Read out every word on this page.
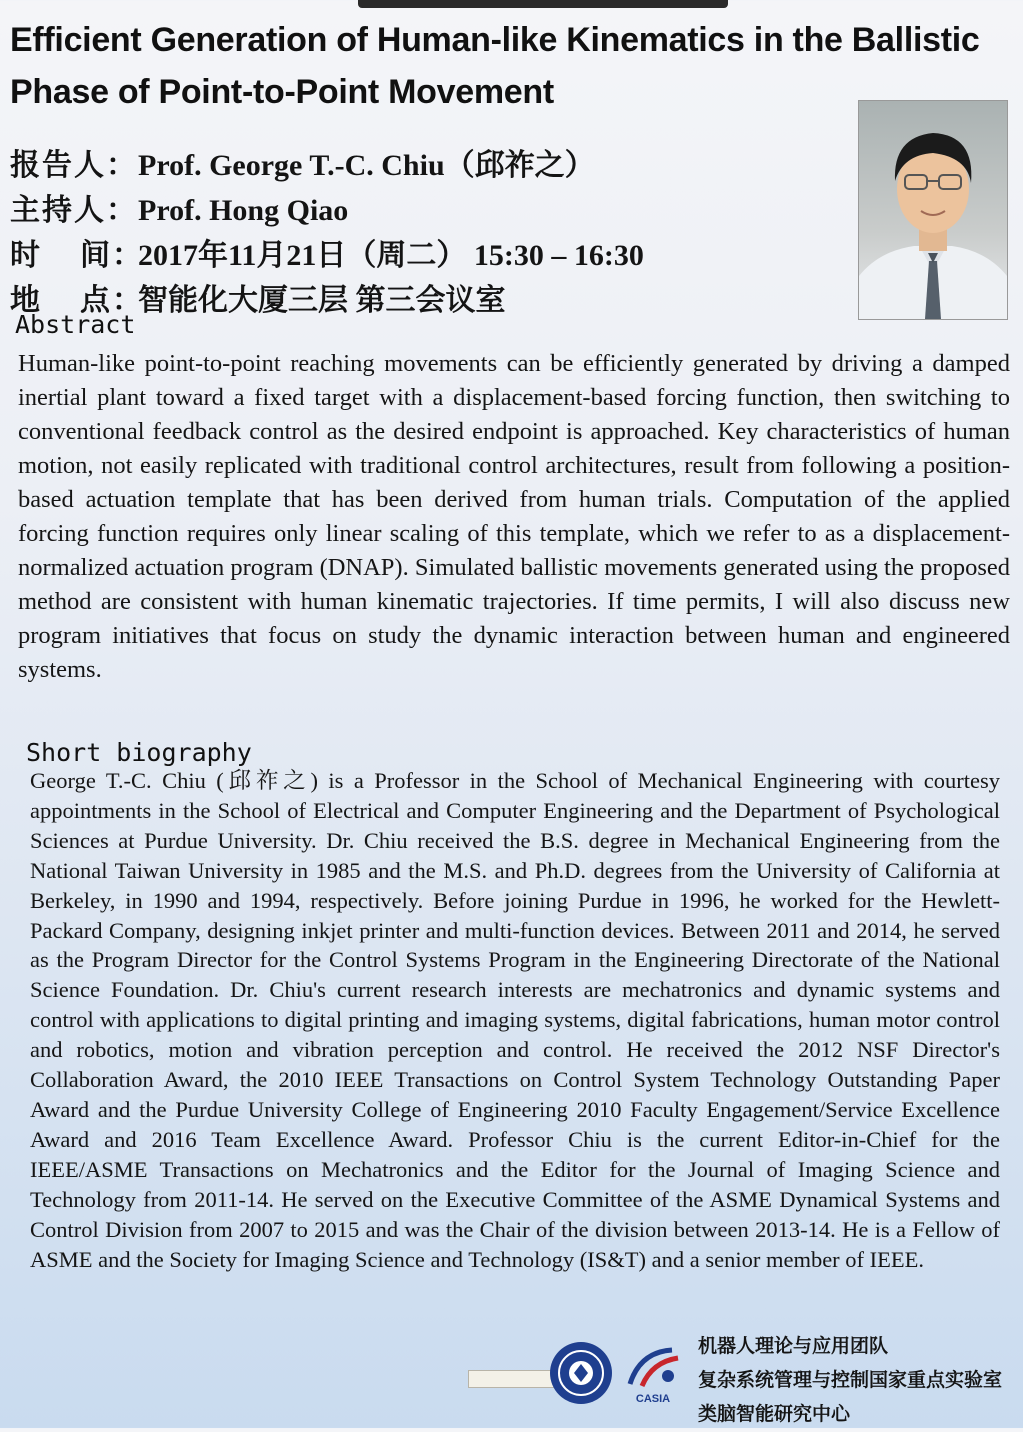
Efficient Generation of Human-like Kinematics in the Ballistic Phase of Point-to-Point Movement
报告人： Prof. George T.-C. Chiu（邱祚之）
主持人： Prof. Hong Qiao
时    间：
2017年11月21日（周二） 15:30 – 16:30
地    点：
智能化大厦三层 第三会议室
Abstract
Human-like point-to-point reaching movements can be efficiently generated by driving a damped inertial plant toward a fixed target with a displacement-based forcing function, then switching to conventional feedback control as the desired endpoint is approached. Key characteristics of human motion, not easily replicated with traditional control architectures, result from following a position-based actuation template that has been derived from human trials. Computation of the applied forcing function requires only linear scaling of this template, which we refer to as a displacement-normalized actuation program (DNAP). Simulated ballistic movements generated using the proposed method are consistent with human kinematic trajectories. If time permits, I will also discuss new program initiatives that focus on study the dynamic interaction between human and engineered systems.
Short biography
George T.-C. Chiu (邱祚之) is a Professor in the School of Mechanical Engineering with courtesy appointments in the School of Electrical and Computer Engineering and the Department of Psychological Sciences at Purdue University. Dr. Chiu received the B.S. degree in Mechanical Engineering from the National Taiwan University in 1985 and the M.S. and Ph.D. degrees from the University of California at Berkeley, in 1990 and 1994, respectively. Before joining Purdue in 1996, he worked for the Hewlett-Packard Company, designing inkjet printer and multi-function devices. Between 2011 and 2014, he served as the Program Director for the Control Systems Program in the Engineering Directorate of the National Science Foundation. Dr. Chiu's current research interests are mechatronics and dynamic systems and control with applications to digital printing and imaging systems, digital fabrications, human motor control and robotics, motion and vibration perception and control. He received the 2012 NSF Director's Collaboration Award, the 2010 IEEE Transactions on Control System Technology Outstanding Paper Award and the Purdue University College of Engineering 2010 Faculty Engagement/Service Excellence Award and 2016 Team Excellence Award. Professor Chiu is the current Editor-in-Chief for the IEEE/ASME Transactions on Mechatronics and the Editor for the Journal of Imaging Science and Technology from 2011-14. He served on the Executive Committee of the ASME Dynamical Systems and Control Division from 2007 to 2015 and was the Chair of the division between 2013-14. He is a Fellow of ASME and the Society for Imaging Science and Technology (IS&T) and a senior member of IEEE.
CASIA
机器人理论与应用团队
复杂系统管理与控制国家重点实验室
类脑智能研究中心
